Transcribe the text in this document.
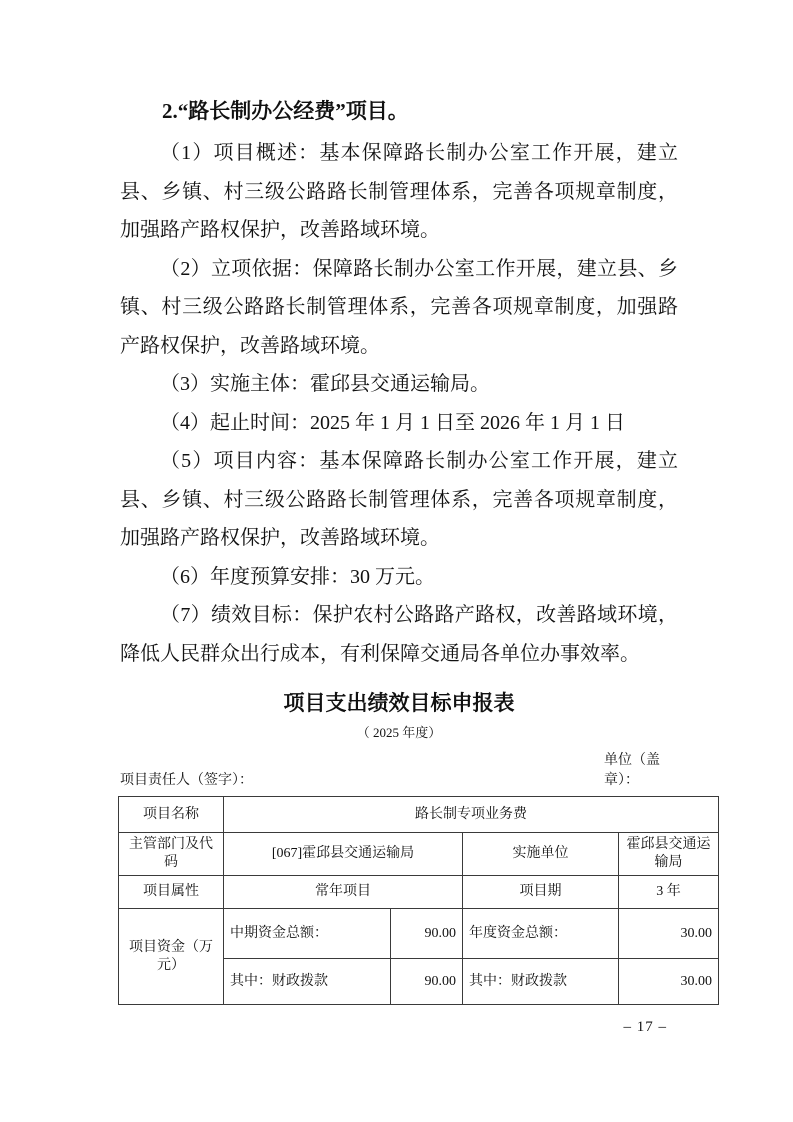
2.“路长制办公经费”项目。

（1）项目概述：基本保障路长制办公室工作开展，建立县、乡镇、村三级公路路长制管理体系，完善各项规章制度，加强路产路权保护，改善路域环境。

（2）立项依据：保障路长制办公室工作开展，建立县、乡镇、村三级公路路长制管理体系，完善各项规章制度，加强路产路权保护，改善路域环境。

（3）实施主体：霍邱县交通运输局。

（4）起止时间：2025 年 1 月 1 日至 2026 年 1 月 1 日

（5）项目内容：基本保障路长制办公室工作开展，建立县、乡镇、村三级公路路长制管理体系，完善各项规章制度，加强路产路权保护，改善路域环境。

（6）年度预算安排：30 万元。

（7）绩效目标：保护农村公路路产路权，改善路域环境，降低人民群众出行成本，有利保障交通局各单位办事效率。

项目支出绩效目标申报表
（ 2025 年度）
项目责任人（签字）：
单位（盖章）：
项目名称	路长制专项业务费			
主管部门及代码	[067]霍邱县交通运输局		实施单位	霍邱县交通运输局
项目属性	常年项目		项目期	3 年
项目资金（万元）	中期资金总额：	90.00	年度资金总额：	30.00
	其中：财政拨款	90.00	其中：财政拨款	30.00
– 17 –
